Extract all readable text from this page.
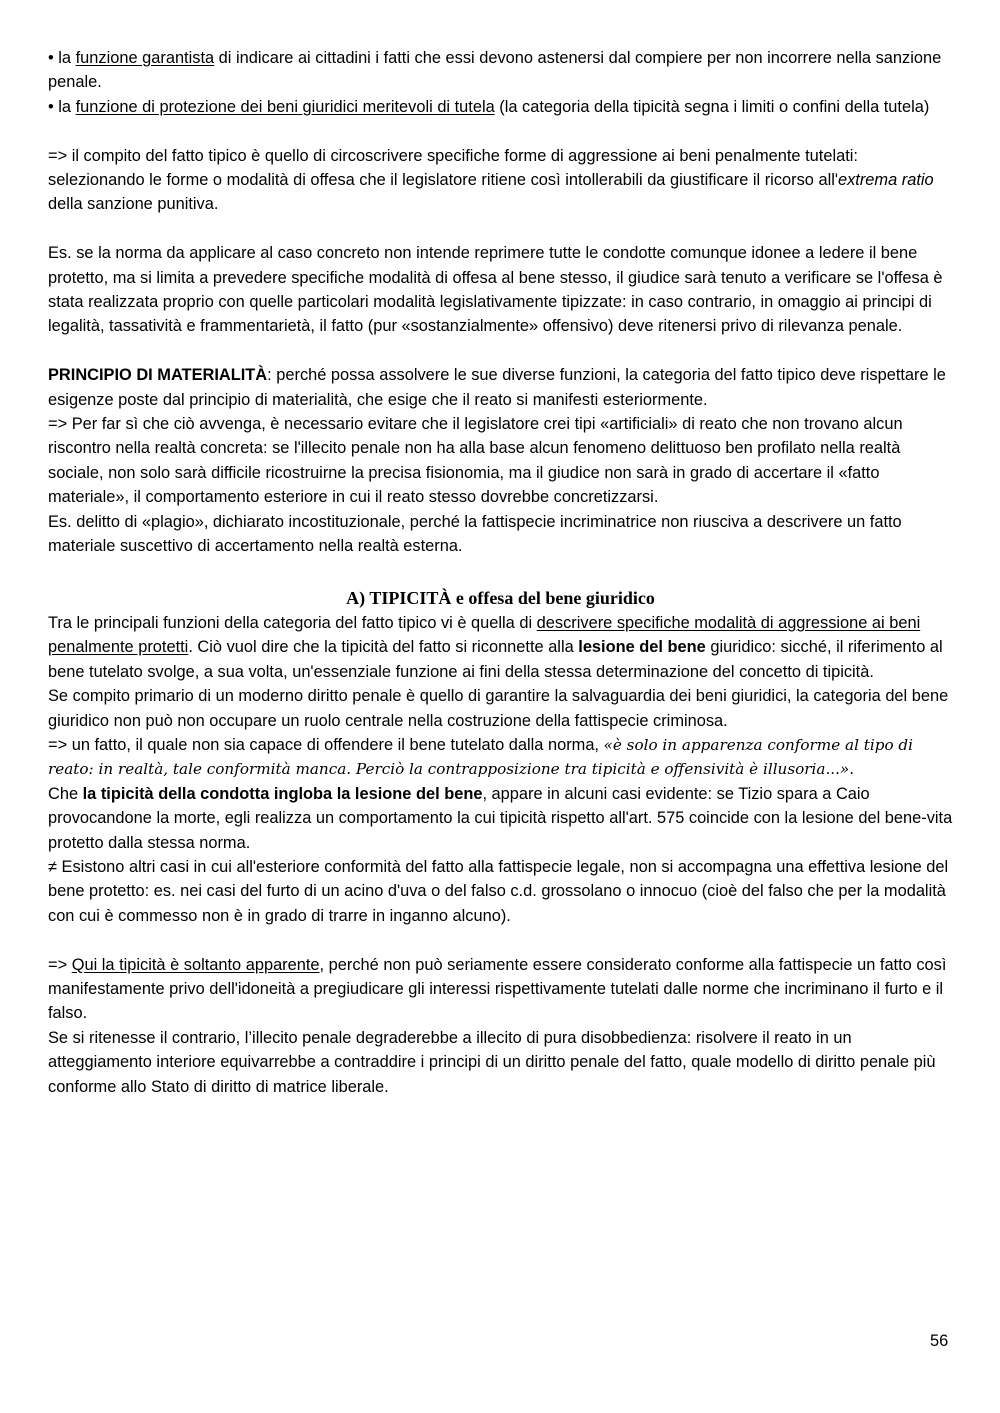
• la funzione garantista di indicare ai cittadini i fatti che essi devono astenersi dal compiere per non incorrere nella sanzione penale.

• la funzione di protezione dei beni giuridici meritevoli di tutela (la categoria della tipicità segna i limiti o confini della tutela)

=> il compito del fatto tipico è quello di circoscrivere specifiche forme di aggressione ai beni penalmente tutelati: selezionando le forme o modalità di offesa che il legislatore ritiene così intollerabili da giustificare il ricorso all'extrema ratio della sanzione punitiva.

Es. se la norma da applicare al caso concreto non intende reprimere tutte le condotte comunque idonee a ledere il bene protetto, ma si limita a prevedere specifiche modalità di offesa al bene stesso, il giudice sarà tenuto a verificare se l'offesa è stata realizzata proprio con quelle particolari modalità legislativamente tipizzate: in caso contrario, in omaggio ai principi di legalità, tassatività e frammentarietà, il fatto (pur «sostanzialmente» offensivo) deve ritenersi privo di rilevanza penale.

PRINCIPIO DI MATERIALITÀ: perché possa assolvere le sue diverse funzioni, la categoria del fatto tipico deve rispettare le esigenze poste dal principio di materialità, che esige che il reato si manifesti esteriormente.

=> Per far sì che ciò avvenga, è necessario evitare che il legislatore crei tipi «artificiali» di reato che non trovano alcun riscontro nella realtà concreta: se l'illecito penale non ha alla base alcun fenomeno delittuoso ben profilato nella realtà sociale, non solo sarà difficile ricostruirne la precisa fisionomia, ma il giudice non sarà in grado di accertare il «fatto materiale», il comportamento esteriore in cui il reato stesso dovrebbe concretizzarsi.

Es. delitto di «plagio», dichiarato incostituzionale, perché la fattispecie incriminatrice non riusciva a descrivere un fatto materiale suscettivo di accertamento nella realtà esterna.

A) TIPICITÀ e offesa del bene giuridico

Tra le principali funzioni della categoria del fatto tipico vi è quella di descrivere specifiche modalità di aggressione ai beni penalmente protetti. Ciò vuol dire che la tipicità del fatto si riconnette alla lesione del bene giuridico: sicché, il riferimento al bene tutelato svolge, a sua volta, un'essenziale funzione ai fini della stessa determinazione del concetto di tipicità.

Se compito primario di un moderno diritto penale è quello di garantire la salvaguardia dei beni giuridici, la categoria del bene giuridico non può non occupare un ruolo centrale nella costruzione della fattispecie criminosa.

=> un fatto, il quale non sia capace di offendere il bene tutelato dalla norma, «è solo in apparenza conforme al tipo di reato: in realtà, tale conformità manca. Perciò la contrapposizione tra tipicità e offensività è illusoria...».

Che la tipicità della condotta ingloba la lesione del bene, appare in alcuni casi evidente: se Tizio spara a Caio provocandone la morte, egli realizza un comportamento la cui tipicità rispetto all'art. 575 coincide con la lesione del bene-vita protetto dalla stessa norma.

≠ Esistono altri casi in cui all'esteriore conformità del fatto alla fattispecie legale, non si accompagna una effettiva lesione del bene protetto: es. nei casi del furto di un acino d'uva o del falso c.d. grossolano o innocuo (cioè del falso che per la modalità con cui è commesso non è in grado di trarre in inganno alcuno).

=> Qui la tipicità è soltanto apparente, perché non può seriamente essere considerato conforme alla fattispecie un fatto così manifestamente privo dell'idoneità a pregiudicare gli interessi rispettivamente tutelati dalle norme che incriminano il furto e il falso.

Se si ritenesse il contrario, l’illecito penale degraderebbe a illecito di pura disobbedienza: risolvere il reato in un atteggiamento interiore equivarrebbe a contraddire i principi di un diritto penale del fatto, quale modello di diritto penale più conforme allo Stato di diritto di matrice liberale.

56
